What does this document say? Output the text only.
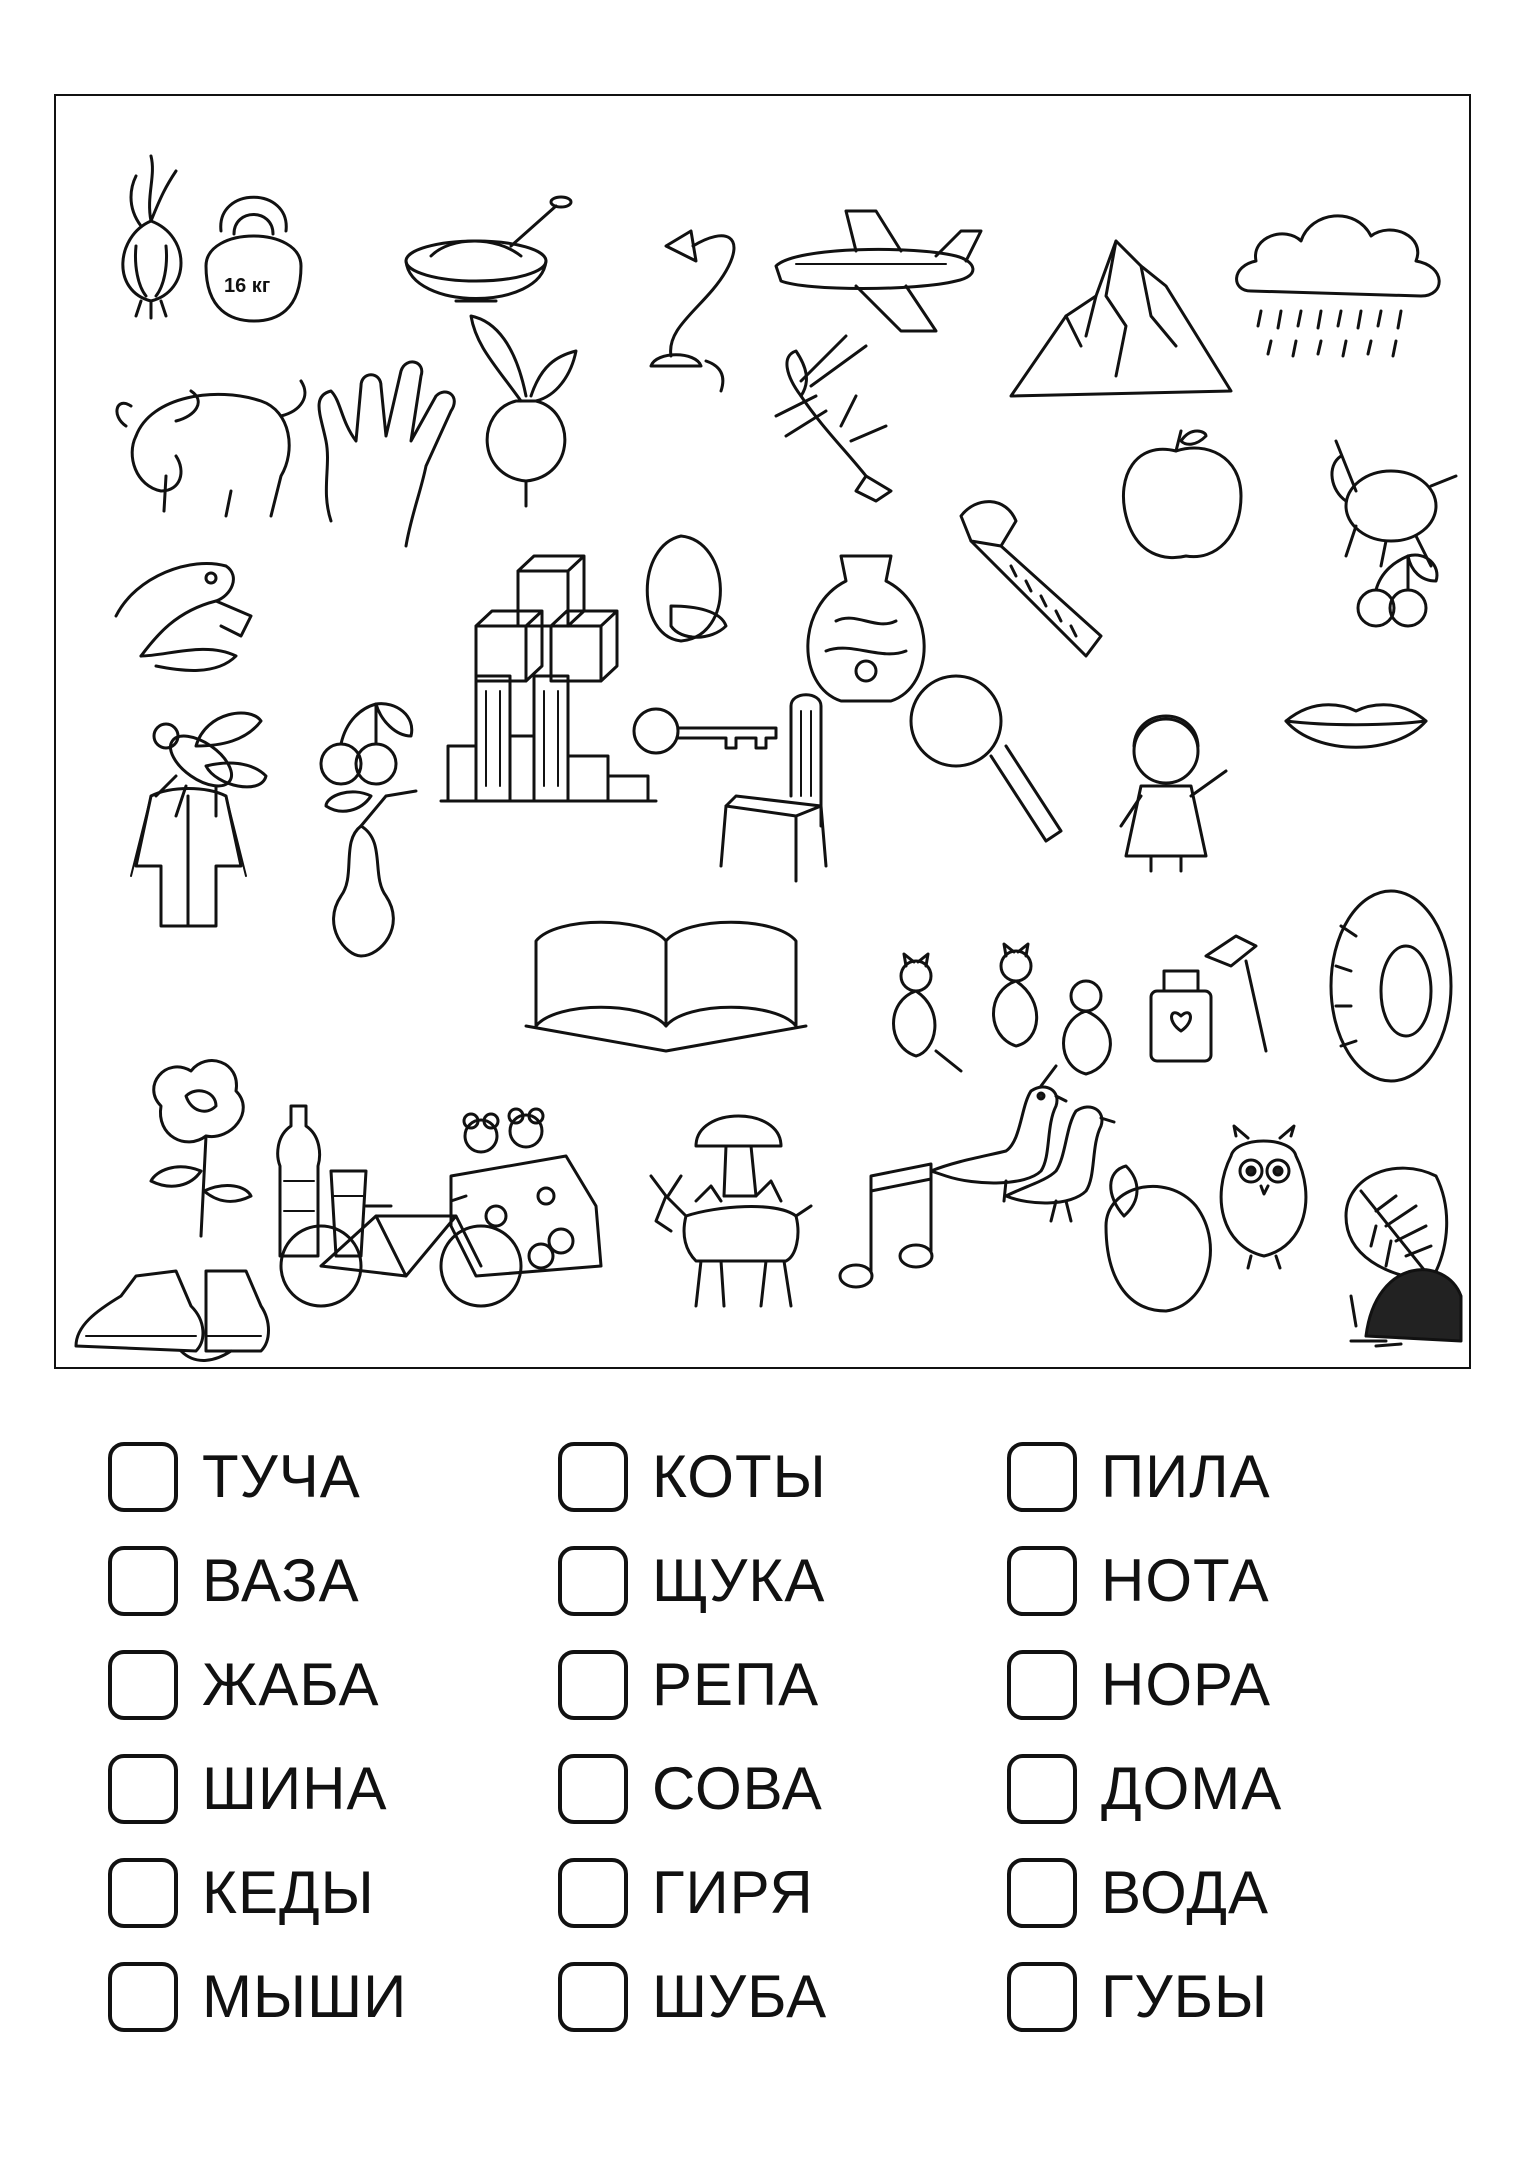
16 кг
ТУЧА
ВАЗА
ЖАБА
ШИНА
КЕДЫ
МЫШИ
КОТЫ
ЩУКА
РЕПА
СОВА
ГИРЯ
ШУБА
ПИЛА
НОТА
НОРА
ДОМА
ВОДА
ГУБЫ
